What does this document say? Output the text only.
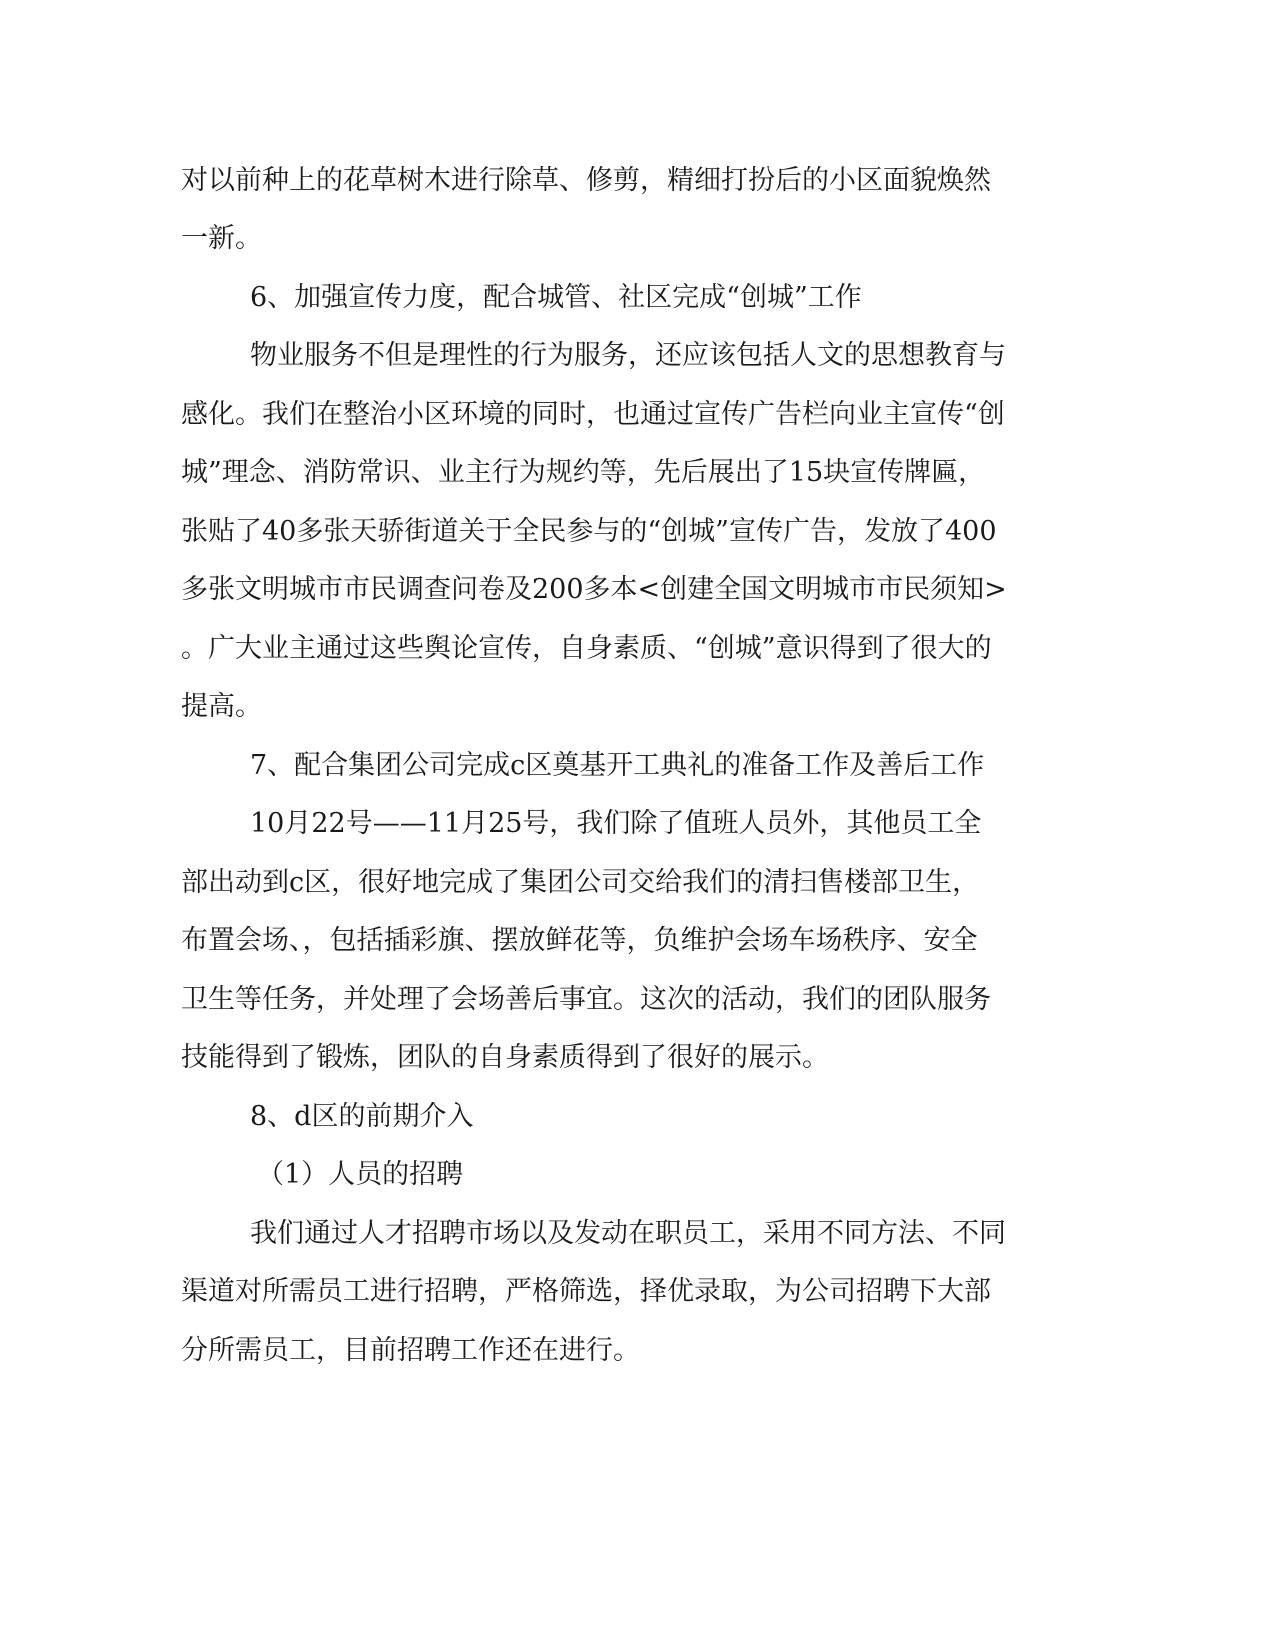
对以前种上的花草树木进行除草、修剪，精细打扮后的小区面貌焕然
一新。
6、加强宣传力度，配合城管、社区完成“创城”工作
物业服务不但是理性的行为服务，还应该包括人文的思想教育与
感化。我们在整治小区环境的同时，也通过宣传广告栏向业主宣传“创
城”理念、消防常识、业主行为规约等，先后展出了15块宣传牌匾，
张贴了40多张天骄街道关于全民参与的“创城”宣传广告，发放了400
多张文明城市市民调查问卷及200多本<创建全国文明城市市民须知>
。广大业主通过这些舆论宣传，自身素质、“创城”意识得到了很大的
提高。
7、配合集团公司完成c区奠基开工典礼的准备工作及善后工作
10月22号——11月25号，我们除了值班人员外，其他员工全
部出动到c区，很好地完成了集团公司交给我们的清扫售楼部卫生，
布置会场、，包括插彩旗、摆放鲜花等，负维护会场车场秩序、安全
卫生等任务，并处理了会场善后事宜。这次的活动，我们的团队服务
技能得到了锻炼，团队的自身素质得到了很好的展示。
8、d区的前期介入
（1）人员的招聘
我们通过人才招聘市场以及发动在职员工，采用不同方法、不同
渠道对所需员工进行招聘，严格筛选，择优录取，为公司招聘下大部
分所需员工，目前招聘工作还在进行。
